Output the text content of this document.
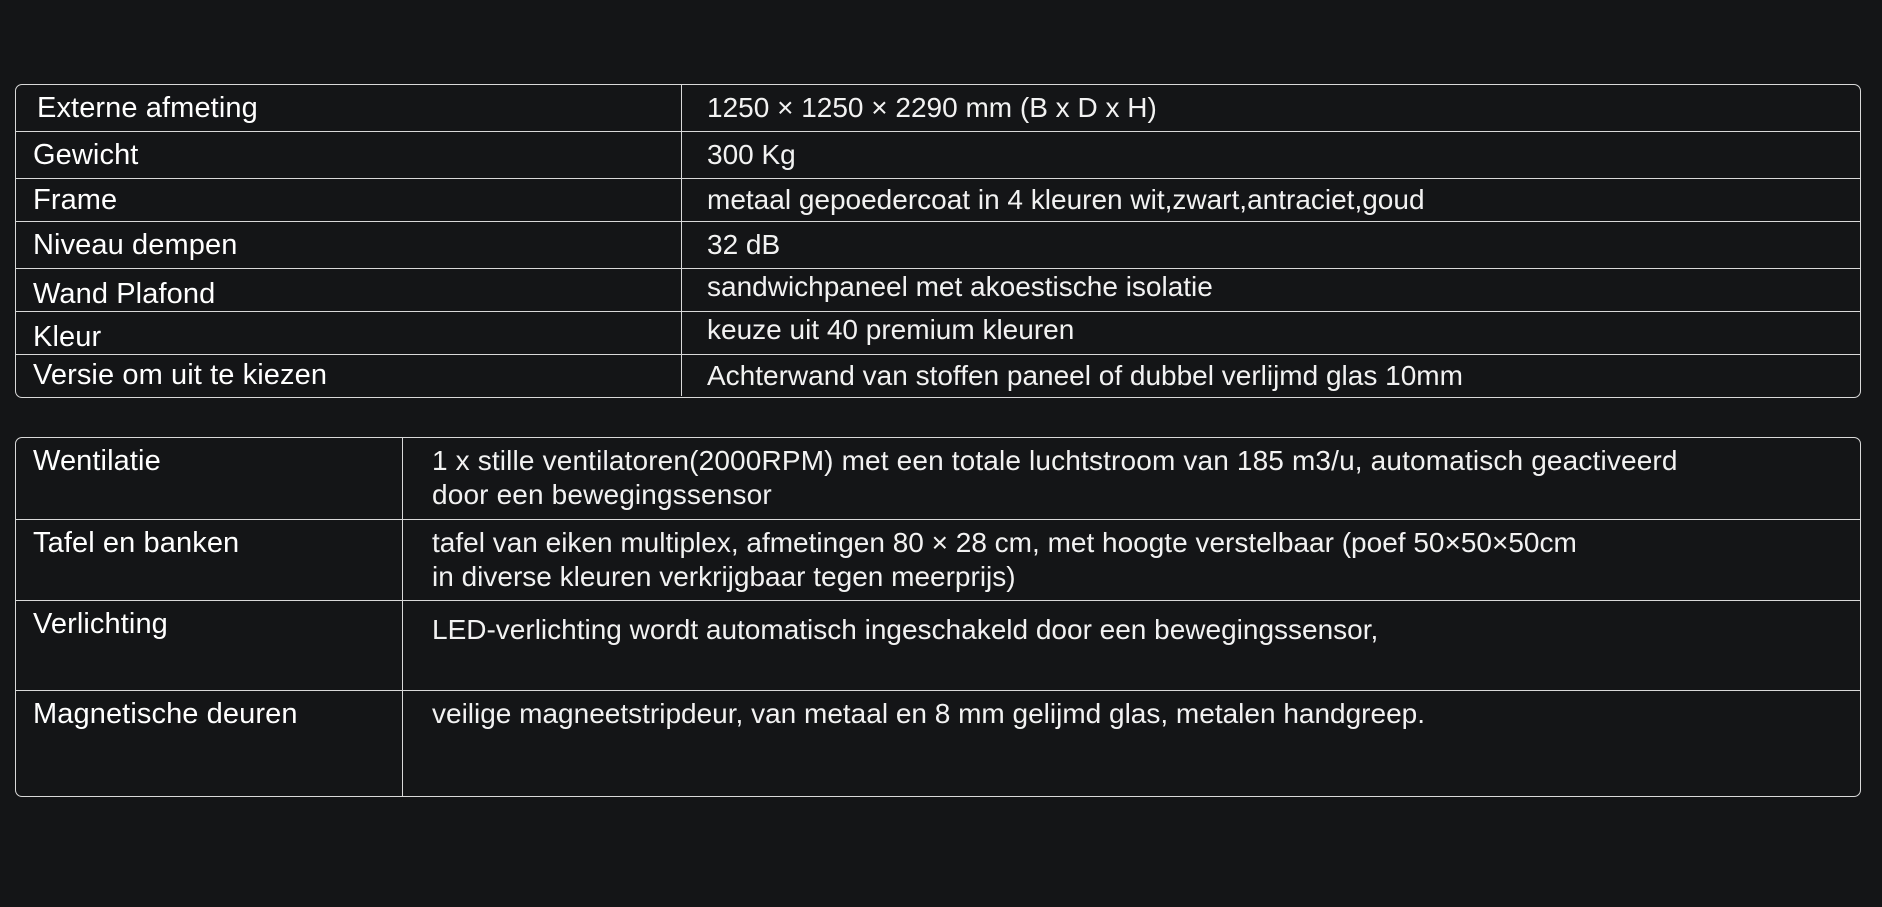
Externe afmeting	1250 × 1250 × 2290 mm (B x D x H)
Gewicht	300 Kg
Frame	metaal gepoedercoat in 4 kleuren wit,zwart,antraciet,goud
Niveau dempen	32 dB
Wand Plafond	sandwichpaneel met akoestische isolatie
Kleur	keuze uit 40 premium kleuren
Versie om uit te kiezen	Achterwand van stoffen paneel of dubbel verlijmd glas 10mm
Wentilatie	1 x stille ventilatoren(2000RPM) met een totale luchtstroom van 185 m3/u, automatisch geactiveerd
door een bewegingssensor
Tafel en banken	tafel van eiken multiplex, afmetingen 80 × 28 cm, met hoogte verstelbaar (poef 50×50×50cm
in diverse kleuren verkrijgbaar tegen meerprijs)
Verlichting	LED-verlichting wordt automatisch ingeschakeld door een bewegingssensor,
Magnetische deuren	veilige magneetstripdeur, van metaal en 8 mm gelijmd glas, metalen handgreep.
